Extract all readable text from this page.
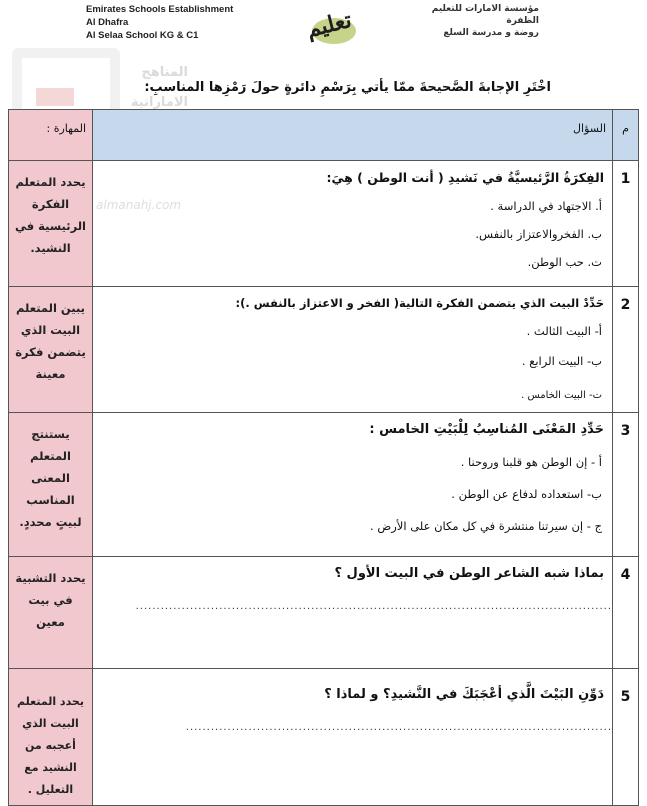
المناهج
الاماراتية
almanahj.com
Emirates Schools Establishment
Al Dhafra
Al Selaa School KG & C1	تعليم	مؤسسة الامارات للتعليم
الظفرة
روضة و مدرسة السلع
اخْتَرِ الإجابةَ الصَّحيحةَ ممّا يأتي بِرَسْمِ دائرةٍ حولَ رَمْزِها المناسبِ:
م	السؤال	المهارة :
1	الفِكرَةُ الرَّئيسيَّةُ في نَشيدِ ( أنت الوطن ) هِيَ:
أ. الاجتهاد في الدراسة .
ب. الفخروالاعتزاز بالنفس.
ت. حب الوطن.	يحدد المتعلم الفكرة الرئيسية في النشيد.
2	حَدِّدْ البيت الذي يتضمن الفكرة التالية( الفخر و الاعتزاز بالنفس .):
أ- البيت الثالث .
ب- البيت الرابع .
ت- البيت الخامس .	يبين المتعلم البيت الذي يتضمن فكرة معينة
3	حَدِّدِ المَعْنَى المُناسِبُ لِلْبَيْتِ الخامس :
أ - إن الوطن هو قلبنا وروحنا .
ب- استعداده لدفاع عن الوطن .
ج - إن سيرتنا منتشرة في كل مكان على الأرض .	يستنتج المتعلم المعنى المناسب لبيتٍ محددٍ.
4	بماذا شبه الشاعر الوطن في البيت الأول ؟
..................................................................................................................	يحدد التشبية في بيت معين
5	دَوِّنِ البَيْتَ الَّذي أعْجَبَكَ في النَّشيدِ؟ و لماذا ؟
......................................................................................................	يحدد المتعلم البيت الذي أعجبه من النشيد مع التعليل .
